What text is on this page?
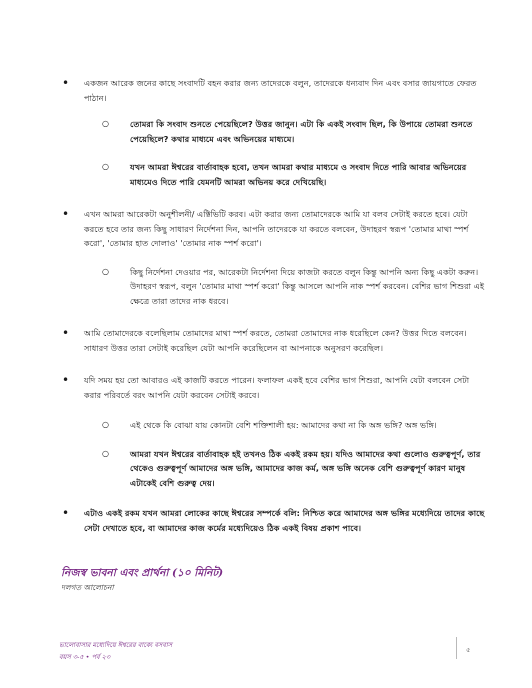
• একজন আরেক জনের কাছে সংবাদটি বহন করার জন্য তাদেরকে বলুন, তাদেরকে ধন্যবাদ দিন এবং বসার জায়গাতে ফেরত পাঠান।
○	তোমরা কি সংবাদ শুনতে পেয়েছিলে? উত্তর জানুন। এটা কি একই সংবাদ ছিল, কি উপায়ে তোমরা শুনতে পেয়েছিলে? কথার মাধ্যমে এবং অভিনয়ের মাধ্যমে।
○	যখন আমরা ঈশ্বরের বার্তাবাহক হবো, তখন আমরা কথার মাধ্যমে ও সংবাদ দিতে পারি আবার অভিনয়ের মাধ্যমেও দিতে পারি যেমনটি আমরা অভিনয় করে দেখিয়েছি।
• এখন আমরা আরেকটা অনুশীলনী/ এক্টিভিটি করব। এটা করার জন্য তোমাদেরকে আমি যা বলব সেটাই করতে হবে। যেটা করতে হবে তার জন্য কিছু সাধারণ নির্দেশনা দিন, আপনি তাদেরকে যা করতে বলবেন, উদাহরণ স্বরূপ 'তোমার মাথা স্পর্শ করো', 'তোমার হাত দোলাও' 'তোমার নাক স্পর্শ করো'।
○	কিছু নির্দেশনা দেওয়ার পর, আরেকটা নির্দেশনা দিয়ে কাজটা করতে বলুন কিন্তু আপনি অন্য কিছু একটা করুন। উদাহরণ স্বরূপ, বলুন 'তোমার মাথা স্পর্শ করো' কিন্তু আসলে আপনি নাক স্পর্শ করবেন। বেশির ভাগ শিশুরা এই ক্ষেত্রে তারা তাদের নাক ধরবে।
• আমি তোমাদেরকে বলেছিলাম তোমাদের মাথা স্পর্শ করতে, তোমরা তোমাদের নাক ধরেছিলে কেন? উত্তর দিতে বলবেন। সাধারণ উত্তর তারা সেটাই করেছিল যেটা আপনি করেছিলেন বা আপনাকে অনুসরণ করেছিল।
• যদি সময় হয় তো আবারও এই কাজটি করতে পারেন। ফলাফল একই হবে বেশির ভাগ শিশুরা, আপনি যেটা বলবেন সেটা করার পরিবর্তে বরং আপনি যেটা করবেন সেটাই করবে।
○	এই থেকে কি বোঝা যায় কোনটা বেশি শক্তিশালী হয়: আমাদের কথা না কি অঙ্গ ভঙ্গি? অঙ্গ ভঙ্গি।
○	আমরা যখন ঈশ্বরের বার্তাবাহক হই তখনও ঠিক একই রকম হয়। যদিও আমাদের কথা গুলোও গুরুত্বপূর্ণ, তার থেকেও গুরুত্বপূর্ণ আমাদের অঙ্গ ভঙ্গি, আমাদের কাজ কর্ম, অঙ্গ ভঙ্গি অনেক বেশি গুরুত্বপূর্ণ কারণ মানুষ এটাকেই বেশি গুরুত্ব দেয়।
• এটাও একই রকম যখন আমরা লোকের কাছে ঈশ্বরের সম্পর্কে বলি: নিশ্চিত করে আমাদের অঙ্গ ভঙ্গির মধ্যেদিয়ে তাদের কাছে সেটা দেখাতে হবে, বা আমাদের কাজ কর্মের মধ্যেদিয়েও ঠিক একই বিষয় প্রকাশ পাবে।
নিজস্ব ভাবনা এবং প্রার্থনা (১০ মিনিট)
দলগত আলোচনা
ভালোবাসার মধ্যেদিয়ে ঈশ্বরের বাক্যে বসবাস
বয়স ৩-৫ • পর্ব ২৩
৫
